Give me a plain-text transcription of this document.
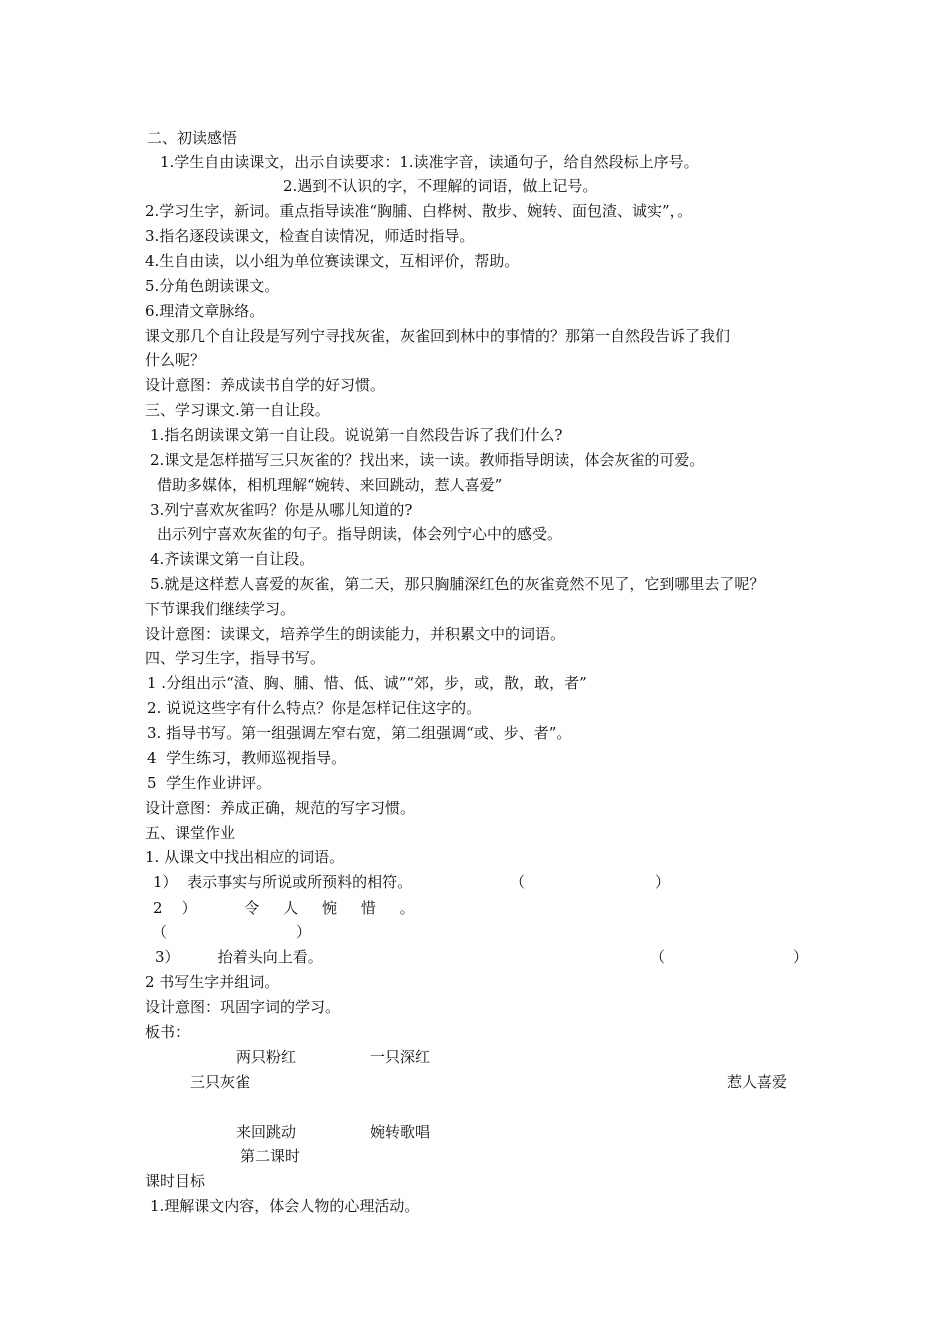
二、初读感悟
1.学生自由读课文，出示自读要求：1.读准字音，读通句子，给自然段标上序号。
2.遇到不认识的字，不理解的词语，做上记号。
2.学习生字，新词。重点指导读准“胸脯、白桦树、散步、婉转、面包渣、诚实”，。
3.指名逐段读课文，检查自读情况，师适时指导。
4.生自由读，以小组为单位赛读课文，互相评价，帮助。
5.分角色朗读课文。
6.理清文章脉络。
课文那几个自让段是写列宁寻找灰雀，灰雀回到林中的事情的？那第一自然段告诉了我们
什么呢？
设计意图：养成读书自学的好习惯。
三、学习课文.第一自让段。
1.指名朗读课文第一自让段。说说第一自然段告诉了我们什么?
2.课文是怎样描写三只灰雀的？找出来，读一读。教师指导朗读，体会灰雀的可爱。
借助多媒体，相机理解“婉转、来回跳动，惹人喜爱”
3.列宁喜欢灰雀吗？你是从哪儿知道的?
出示列宁喜欢灰雀的句子。指导朗读，体会列宁心中的感受。
4.齐读课文第一自让段。
5.就是这样惹人喜爱的灰雀，第二天，那只胸脯深红色的灰雀竟然不见了，它到哪里去了呢？
下节课我们继续学习。
设计意图：读课文，培养学生的朗读能力，并积累文中的词语。
四、学习生字，指导书写。
1 .分组出示“渣、胸、脯、惜、低、诚”“郊，步，或，散，敢，者”
2. 说说这些字有什么特点？你是怎样记住这字的。
3. 指导书写。第一组强调左窄右宽，第二组强调“或、步、者”。
4  学生练习，教师巡视指导。
5  学生作业讲评。
设计意图：养成正确，规范的写字习惯。
五、课堂作业
1. 从课文中找出相应的词语。
1）  表示事实与所说或所预料的相符。	（	）
2    ）          令     人     惋     惜     。
（	）
3）        抬着头向上看。	（	）
2 书写生字并组词。
设计意图：巩固字词的学习。
板书：
两只粉红	一只深红
三只灰雀	惹人喜爱
来回跳动	婉转歌唱
第二课时
课时目标
1.理解课文内容，体会人物的心理活动。
